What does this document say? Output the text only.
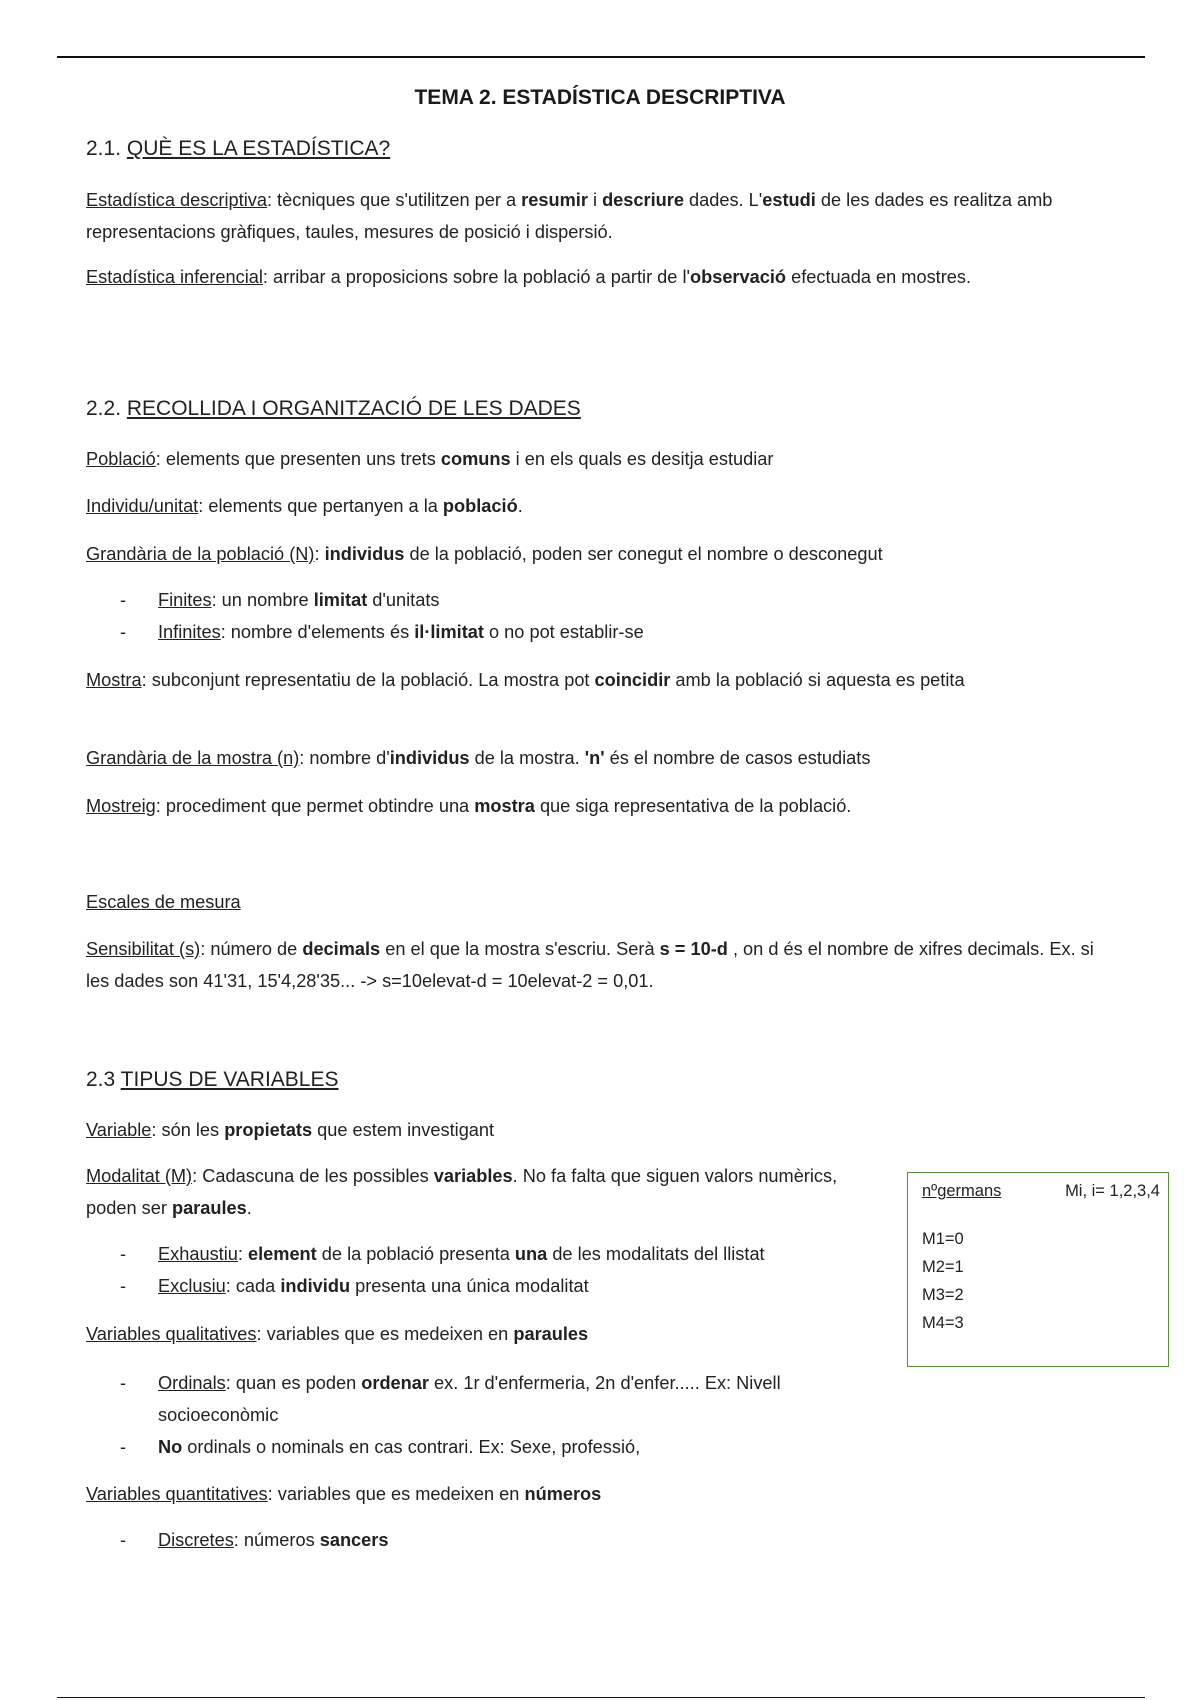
TEMA 2. ESTADÍSTICA DESCRIPTIVA
2.1. QUÈ ES LA ESTADÍSTICA?

Estadística descriptiva: tècniques que s'utilitzen per a resumir i descriure dades. L'estudi de les dades es realitza amb representacions gràfiques, taules, mesures de posició i dispersió.

Estadística inferencial: arribar a proposicions sobre la població a partir de l'observació efectuada en mostres.

2.2. RECOLLIDA I ORGANITZACIÓ DE LES DADES

Població: elements que presenten uns trets comuns i en els quals es desitja estudiar

Individu/unitat: elements que pertanyen a la població.

Grandària de la població (N): individus de la població, poden ser conegut el nombre o desconegut

- Finites: un nombre limitat d'unitats
- Infinites: nombre d'elements és il·limitat o no pot establir-se

Mostra: subconjunt representatiu de la població. La mostra pot coincidir amb la població si aquesta es petita

Grandària de la mostra (n): nombre d'individus de la mostra. 'n' és el nombre de casos estudiats

Mostreig: procediment que permet obtindre una mostra que siga representativa de la població.

Escales de mesura

Sensibilitat (s): número de decimals en el que la mostra s'escriu. Serà s = 10-d , on d és el nombre de xifres decimals. Ex. si les dades son 41'31, 15'4,28'35... -> s=10elevat-d = 10elevat-2 = 0,01.

2.3 TIPUS DE VARIABLES

Variable: són les propietats que estem investigant

Modalitat (M): Cadascuna de les possibles variables. No fa falta que siguen valors numèrics, poden ser paraules.

- Exhaustiu: element de la població presenta una de les modalitats del llistat
- Exclusiu: cada individu presenta una única modalitat

Variables qualitatives: variables que es medeixen en paraules

- Ordinals: quan es poden ordenar ex. 1r d'enfermeria, 2n d'enfer..... Ex: Nivell socioeconòmic
- No ordinals o nominals en cas contrari. Ex: Sexe, professió,

Variables quantitatives: variables que es medeixen en números

- Discretes: números sancers
nºgermans	Mi, i= 1,2,3,4
M1=0
M2=1
M3=2
M4=3
